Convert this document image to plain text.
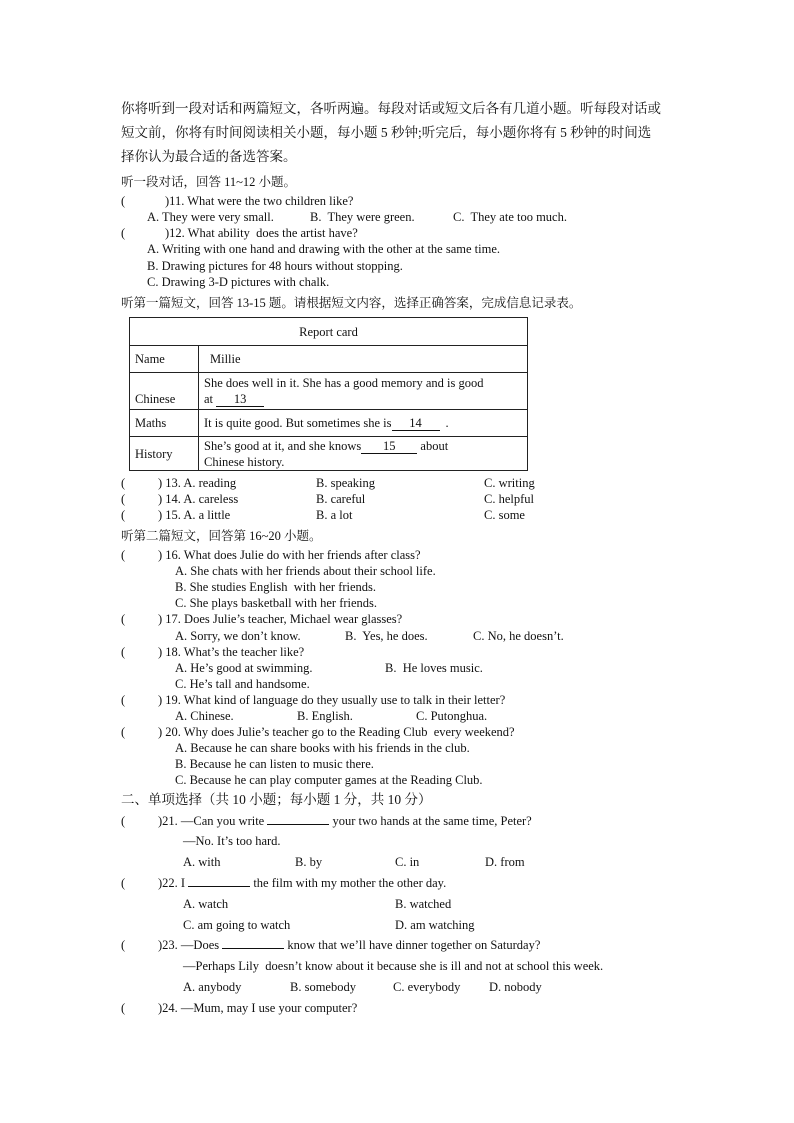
你将听到一段对话和两篇短文，各听两遍。每段对话或短文后各有几道小题。听每段对话或
短文前，你将有时间阅读相关小题，每小题 5 秒钟;听完后，每小题你将有 5 秒钟的时间选
择你认为最合适的备选答案。
听一段对话，回答 11~12 小题。
( )11. What were the two children like?
A. They were very small.	B.  They were green.	C.  They ate too much.
( )12. What ability  does the artist have?
A. Writing with one hand and drawing with the other at the same time.
B. Drawing pictures for 48 hours without stopping.
C. Drawing 3-D pictures with chalk.
听第一篇短文，回答 13-15 题。请根据短文内容，选择正确答案，完成信息记录表。
Report card	
Name	Millie
Chinese	She does well in it. She has a good memory and is good
at 13

Maths	It is quite good. But sometimes she is 14 .
History	She’s good at it, and she knows 15 about
Chinese history.
( ) 13. A. reading	B. speaking	C. writing
( ) 14. A. careless	B. careful	C. helpful
( ) 15. A. a little	B. a lot	C. some
听第二篇短文，回答第 16~20 小题。
( ) 16. What does Julie do with her friends after class?
A. She chats with her friends about their school life.
B. She studies English  with her friends.
C. She plays basketball with her friends.
( ) 17. Does Julie’s teacher, Michael wear glasses?
A. Sorry, we don’t know.	B.  Yes, he does.	C. No, he doesn’t.
( ) 18. What’s the teacher like?
A. He’s good at swimming.	B.  He loves music.
C. He’s tall and handsome.
( ) 19. What kind of language do they usually use to talk in their letter?
A. Chinese.	B. English.	C. Putonghua.
( ) 20. Why does Julie’s teacher go to the Reading Club  every weekend?
A. Because he can share books with his friends in the club.
B. Because he can listen to music there.
C. Because he can play computer games at the Reading Club.
二、单项选择（共 10 小题；每小题 1 分，共 10 分）
( )21. —Can you write	your two hands at the same time, Peter?
—No. It’s too hard.
A. with	B. by	C. in	D. from
( )22. I	the film with my mother the other day.
A. watch	B. watched
C. am going to watch	D. am watching
( )23. —Does	know that we’ll have dinner together on Saturday?
—Perhaps Lily  doesn’t know about it because she is ill and not at school this week.
A. anybody	B. somebody	C. everybody D. nobody
( )24. —Mum, may I use your computer?
